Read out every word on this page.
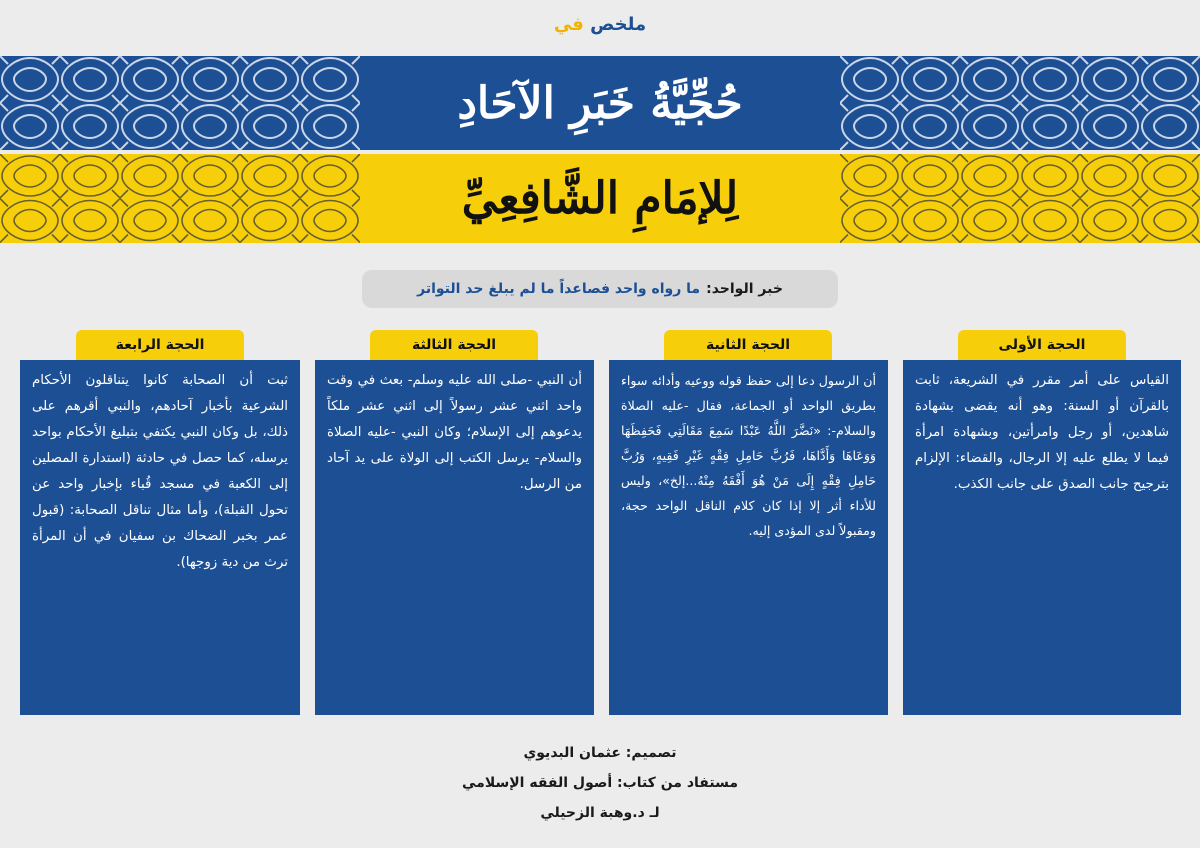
ملخص في
حُجِّيَّةُ خَبَرِ الآحَادِ
لِلإمَامِ الشَّافِعِيِّ
خبر الواحد:
ما رواه واحد فصاعداً ما لم يبلغ حد التواتر
الحجة الأولى

القياس على أمر مقرر في الشريعة، ثابت بالقرآن أو السنة: وهو أنه يقضى بشهادة شاهدين، أو رجل وامرأتين، وبشهادة امرأة فيما لا يطلع عليه إلا الرجال، والقضاء: الإلزام بترجيح جانب الصدق على جانب الكذب.

الحجة الثانية

أن الرسول دعا إلى حفظ قوله ووعيه وأدائه سواء بطريق الواحد أو الجماعة، فقال -عليه الصلاة والسلام-: «نَضَّرَ اللَّهُ عَبْدًا سَمِعَ مَقَالَتِي فَحَفِظَهَا وَوَعَاهَا وَأَدَّاهَا، فَرُبَّ حَامِلِ فِقْهٍ غَيْرِ فَقِيهٍ، وَرُبَّ حَامِلِ فِقْهٍ إِلَى مَنْ هُوَ أَفْقَهُ مِنْهُ...إلخ»، وليس للأداء أثر إلا إذا كان كلام الناقل الواحد حجة، ومقبولاً لدى المؤدى إليه.

الحجة الثالثة

أن النبي -صلى الله عليه وسلم- بعث في وقت واحد اثني عشر رسولاً إلى اثني عشر ملكاً يدعوهم إلى الإسلام؛ وكان النبي -عليه الصلاة والسلام- يرسل الكتب إلى الولاة على يد آحاد من الرسل.

الحجة الرابعة

ثبت أن الصحابة كانوا يتناقلون الأحكام الشرعية بأخبار آحادهم، والنبي أقرهم على ذلك، بل وكان النبي يكتفي بتبليغ الأحكام بواحد يرسله، كما حصل في حادثة (استدارة المصلين إلى الكعبة في مسجد قُباء بإخبار واحد عن تحول القبلة)، وأما مثال تناقل الصحابة: (قبول عمر بخبر الضحاك بن سفيان في أن المرأة ترث من دية زوجها).

تصميم: عثمان البديوي
مستفاد من كتاب: أصول الفقه الإسلامي
لـ د.وهبة الزحيلي
